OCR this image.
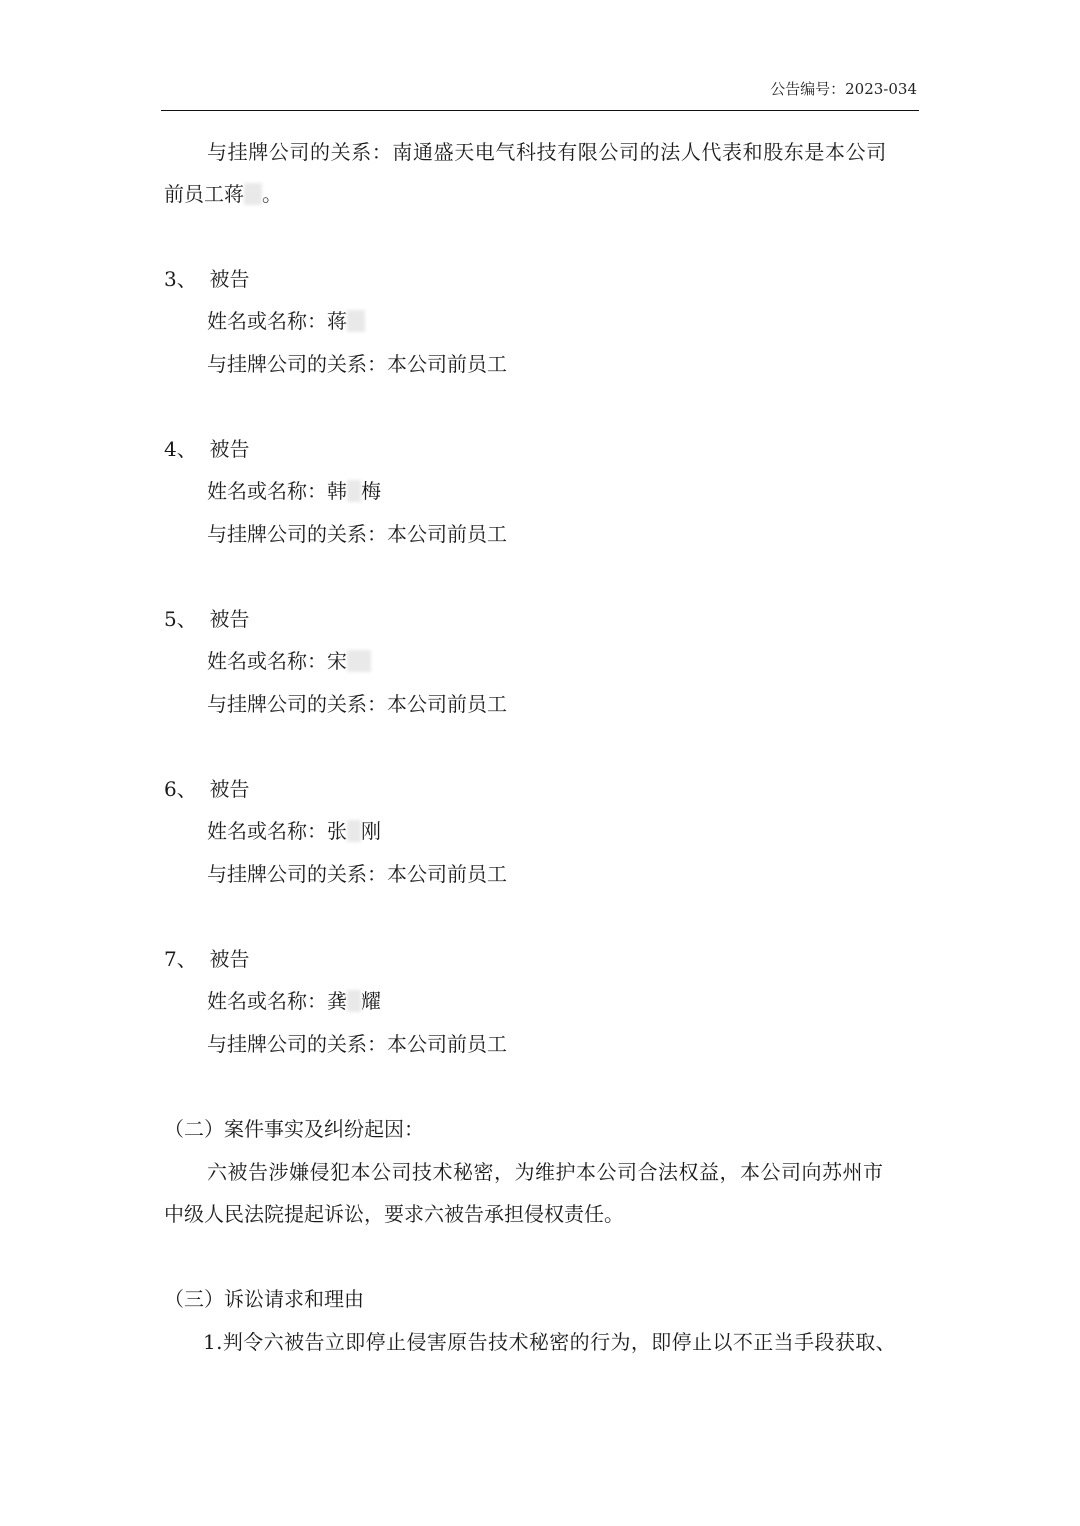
公告编号：2023-034
与挂牌公司的关系：南通盛天电气科技有限公司的法人代表和股东是本公司
前员工蒋 。
3、 被告
姓名或名称：蒋
与挂牌公司的关系：本公司前员工
4、 被告
姓名或名称：韩 梅
与挂牌公司的关系：本公司前员工
5、 被告
姓名或名称：宋
与挂牌公司的关系：本公司前员工
6、 被告
姓名或名称：张 刚
与挂牌公司的关系：本公司前员工
7、 被告
姓名或名称：龚 耀
与挂牌公司的关系：本公司前员工
（二）案件事实及纠纷起因：
六被告涉嫌侵犯本公司技术秘密，为维护本公司合法权益，本公司向苏州市
中级人民法院提起诉讼，要求六被告承担侵权责任。
（三）诉讼请求和理由
1.判令六被告立即停止侵害原告技术秘密的行为，即停止以不正当手段获取、
